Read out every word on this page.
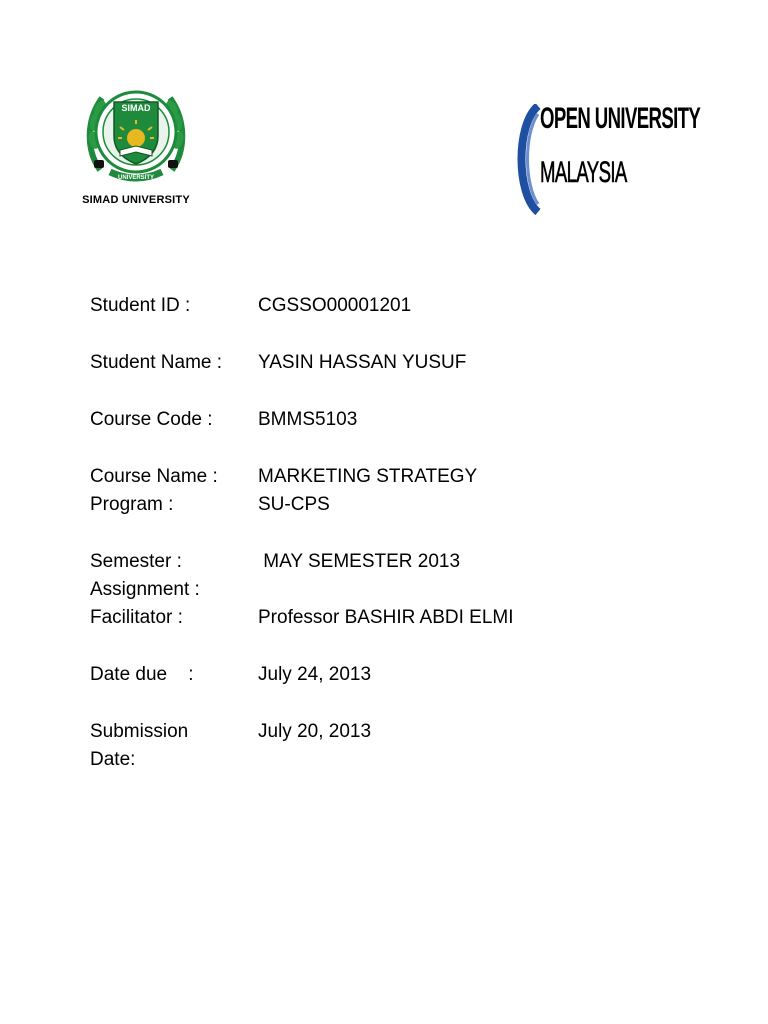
SIMAD
UNIVERSITY
SIMAD UNIVERSITY
OPEN UNIVERSITY
MALAYSIA
Student ID :	CGSSO00001201
Student Name : YASIN HASSAN YUSUF
Course Code : BMMS5103
Course Name : MARKETING STRATEGY
Program :	SU-CPS
Semester :	MAY SEMESTER 2013
Assignment :
Facilitator :	Professor BASHIR ABDI ELMI
Date due    :	July 24, 2013
Submission	July 20, 2013
Date:
